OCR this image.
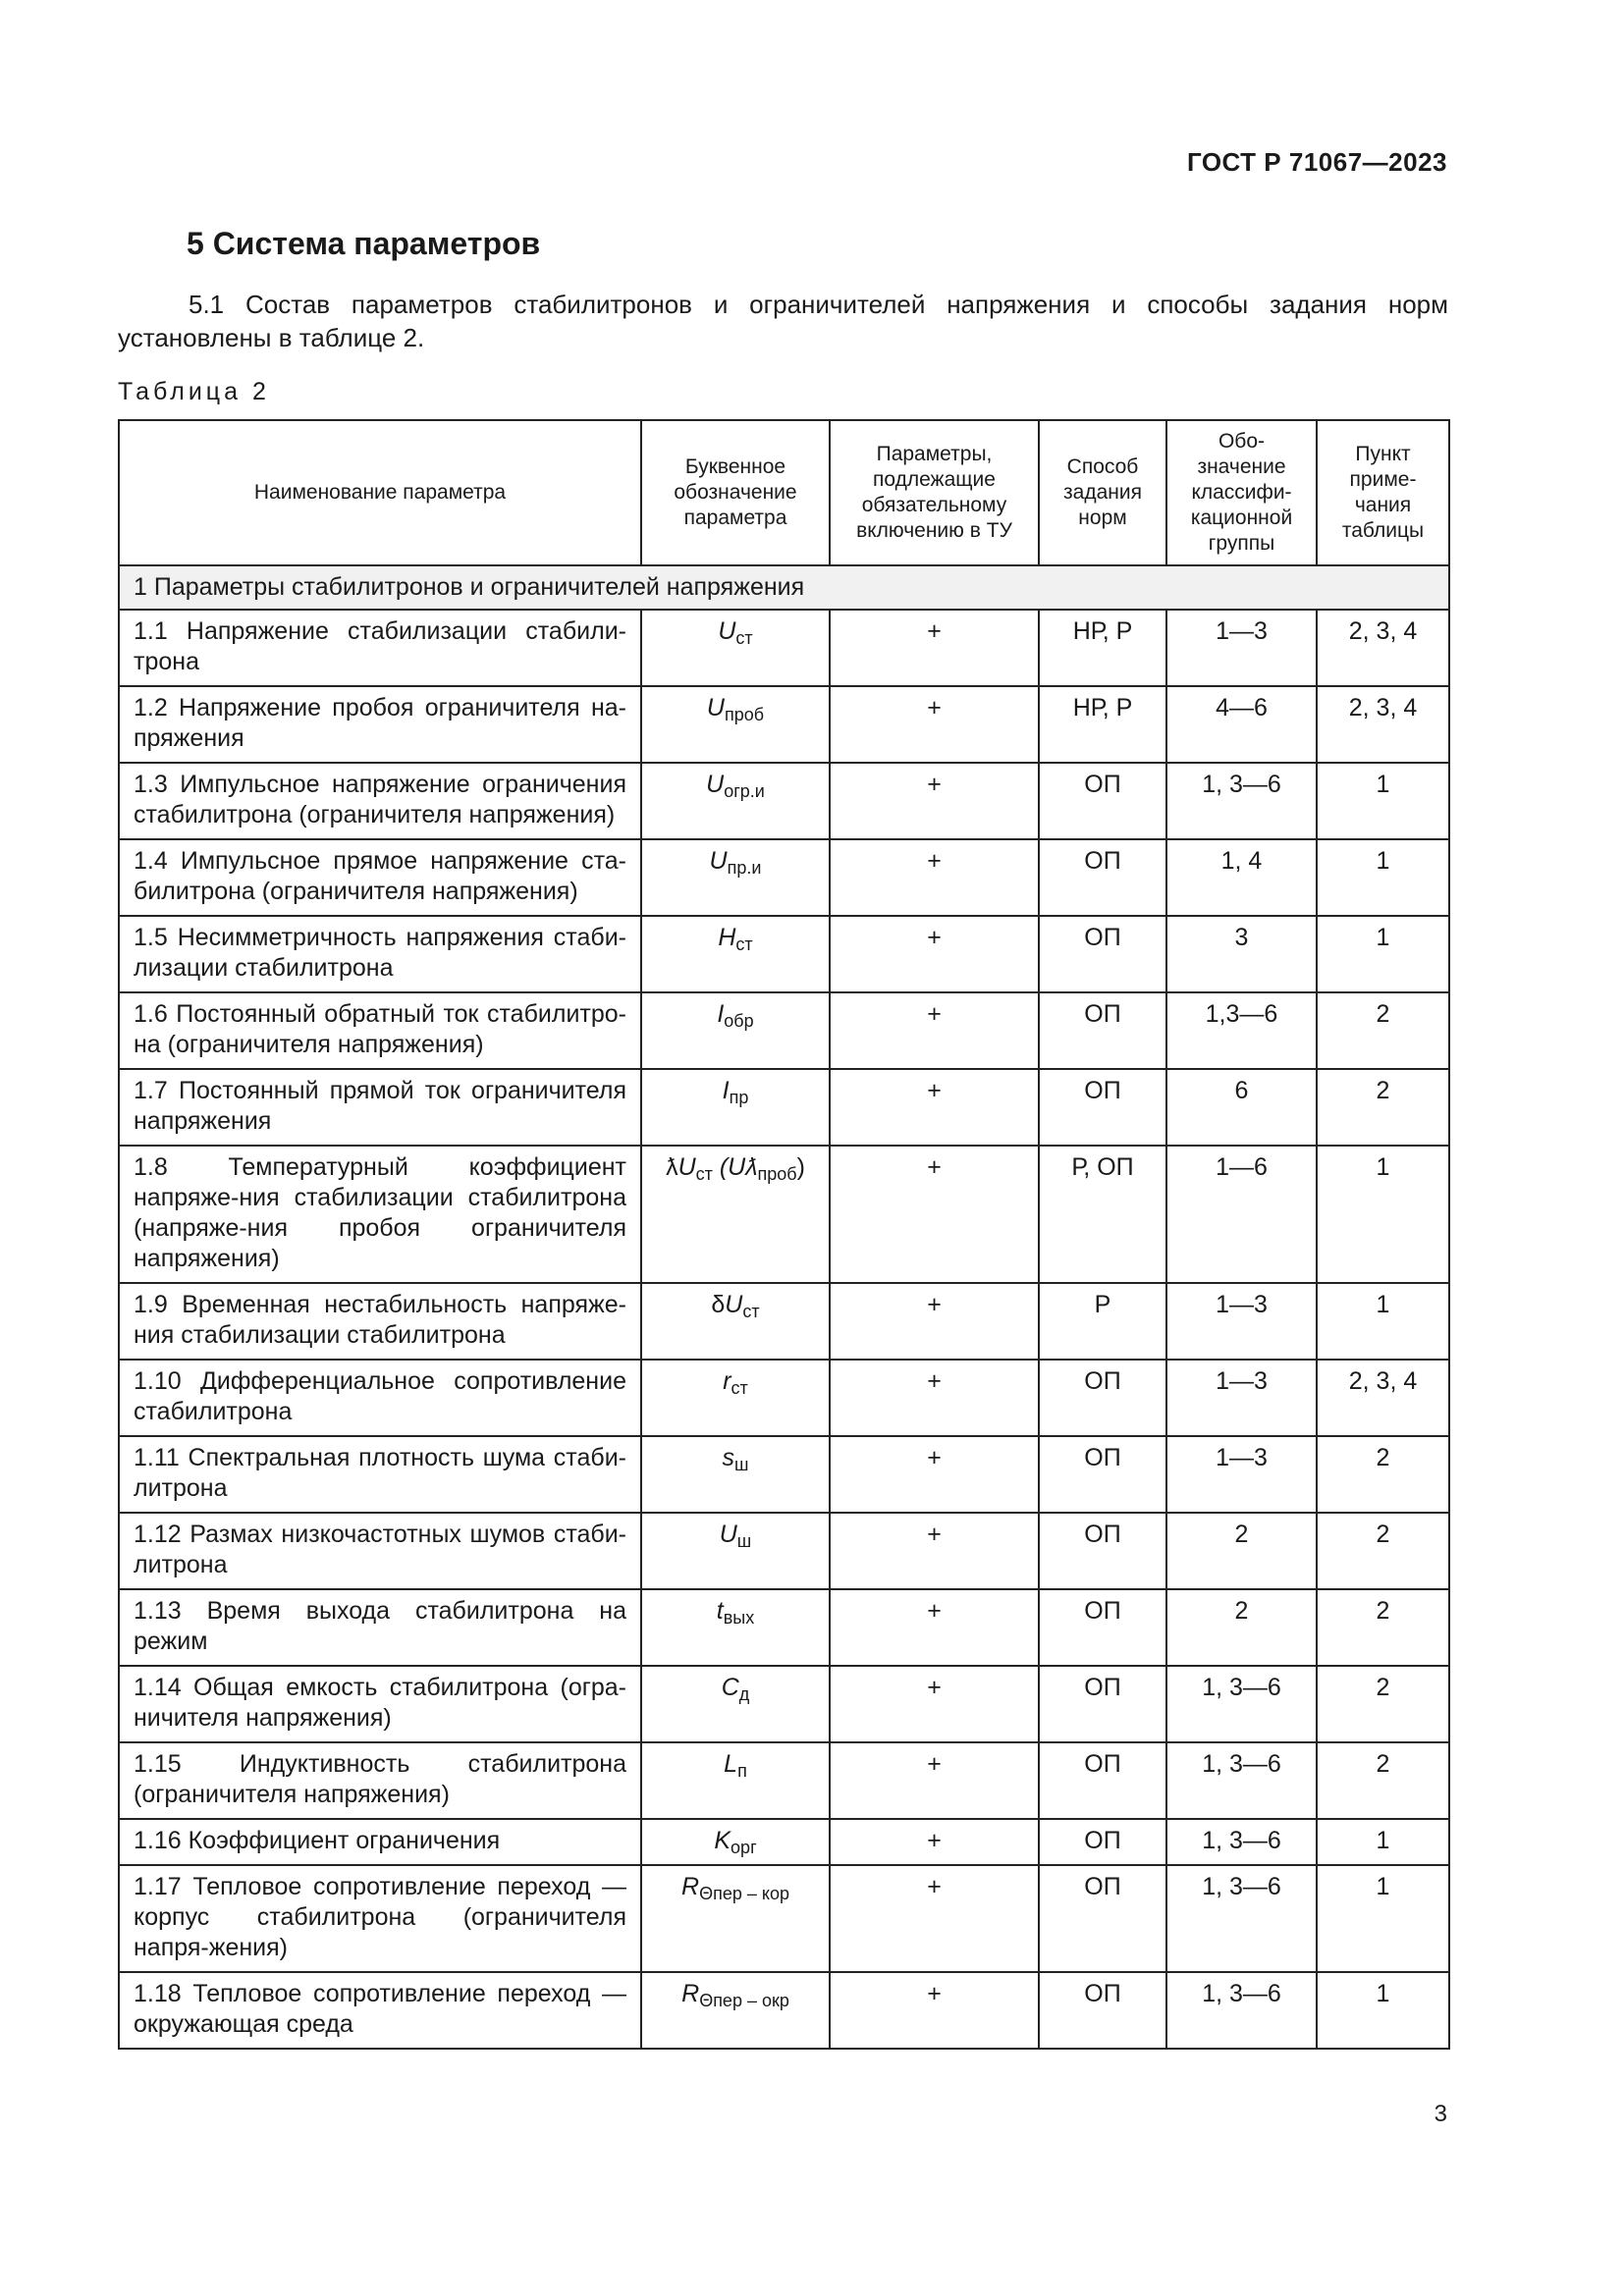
ГОСТ Р 71067—2023
5 Система параметров
5.1 Состав параметров стабилитронов и ограничителей напряжения и способы задания норм установлены в таблице 2.
Таблица 2
Наименование параметра	Буквенное обозначение параметра	Параметры, подлежащие обязательному включению в ТУ	Способ задания норм	Обо- значение классифи- кационной группы	Пункт приме- чания таблицы
1 Параметры стабилитронов и ограничителей напряжения					
1.1 Напряжение стабилизации стабили-трона	$U_{ст}$	+	НР, Р	1—3	2, 3, 4
1.2 Напряжение пробоя ограничителя на-пряжения	$U_{проб}$	+	НР, Р	4—6	2, 3, 4
1.3 Импульсное напряжение ограничения стабилитрона (ограничителя напряжения)	$U_{огр.и}$	+	ОП	1, 3—6	1
1.4 Импульсное прямое напряжение ста-билитрона (ограничителя напряжения)	$U_{пр.и}$	+	ОП	1, 4	1
1.5 Несимметричность напряжения стаби-лизации стабилитрона	$H_{ст}$	+	ОП	3	1
1.6 Постоянный обратный ток стабилитро-на (ограничителя напряжения)	$I_{обр}$	+	ОП	1,3—6	2
1.7 Постоянный прямой ток ограничителя напряжения	$I_{пр}$	+	ОП	6	2
1.8 Температурный коэффициент напряже-ния стабилизации стабилитрона (напряже-ния пробоя ограничителя напряжения)	$ƛU_{ст}$ $(Uƛ_{проб})$	+	Р, ОП	1—6	1
1.9 Временная нестабильность напряже-ния стабилизации стабилитрона	$\delta U_{ст}$	+	Р	1—3	1
1.10 Дифференциальное сопротивление стабилитрона	$r_{ст}$	+	ОП	1—3	2, 3, 4
1.11 Спектральная плотность шума стаби-литрона	$s_ш$	+	ОП	1—3	2
1.12 Размах низкочастотных шумов стаби-литрона	$U_ш$	+	ОП	2	2
1.13 Время выхода стабилитрона на режим	$t_{вых}$	+	ОП	2	2
1.14 Общая емкость стабилитрона (огра-ничителя напряжения)	$C_д$	+	ОП	1, 3—6	2
1.15 Индуктивность стабилитрона (ограничителя напряжения)	$L_п$	+	ОП	1, 3—6	2
1.16 Коэффициент ограничения	$K_{орг}$	+	ОП	1, 3—6	1
1.17 Тепловое сопротивление переход — корпус стабилитрона (ограничителя напря-жения)	$R_{\Theta пер - кор}$	+	ОП	1, 3—6	1
1.18 Тепловое сопротивление переход — окружающая среда	$R_{\Theta пер - окр}$	+	ОП	1, 3—6	1
3
